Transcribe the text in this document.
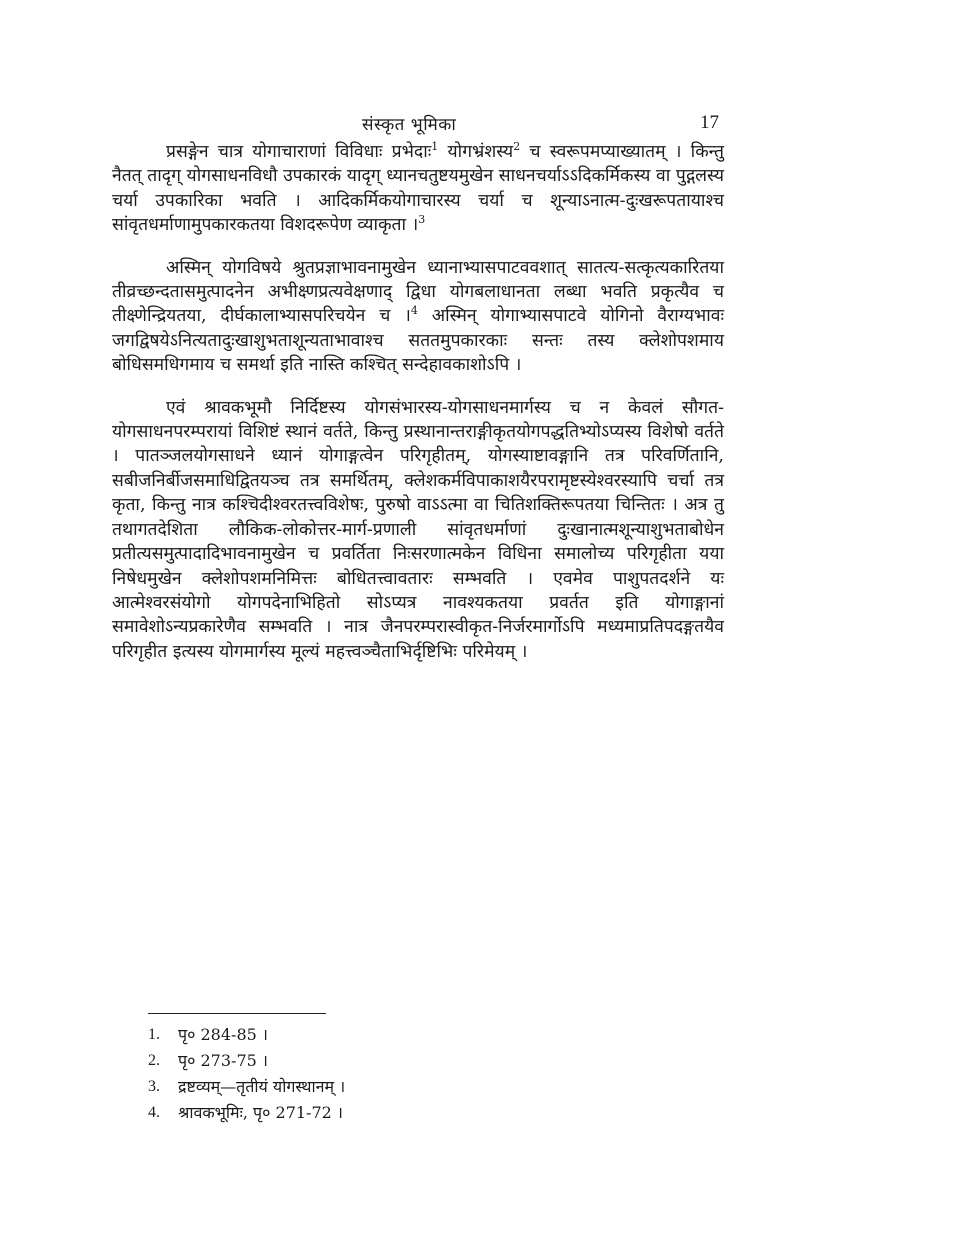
संस्कृत भूमिका	17

प्रसङ्गेन चात्र योगाचाराणां विविधाः प्रभेदाः$^1$ योगभ्रंशस्य$^2$ च स्वरूपमप्याख्यातम् । किन्तु नैतत् तादृग् योगसाधनविधौ उपकारकं यादृग् ध्यानचतुष्टयमुखेन साधनचर्याऽऽदिकर्मिकस्य वा पुद्गलस्य चर्या उपकारिका भवति । आदिकर्मिकयोगाचारस्य चर्या च शून्याऽनात्म-दुःखरूपतायाश्च सांवृतधर्माणामुपकारकतया विशदरूपेण व्याकृता ।$^3$

अस्मिन् योगविषये श्रुतप्रज्ञाभावनामुखेन ध्यानाभ्यासपाटववशात् सातत्य-सत्कृत्यकारितया तीव्रच्छन्दतासमुत्पादनेन अभीक्ष्णप्रत्यवेक्षणाद् द्विधा योगबलाधानता लब्धा भवति प्रकृत्यैव च तीक्ष्णेन्द्रियतया, दीर्घकालाभ्यासपरिचयेन च ।$^4$ अस्मिन् योगाभ्यासपाटवे योगिनो वैराग्यभावः जगद्विषयेऽनित्यतादुःखाशुभताशून्यताभावाश्च सततमुपकारकाः सन्तः तस्य क्लेशोपशमाय बोधिसमधिगमाय च समर्था इति नास्ति कश्चित् सन्देहावकाशोऽपि ।

एवं श्रावकभूमौ निर्दिष्टस्य योगसंभारस्य-योगसाधनमार्गस्य च न केवलं सौगत-योगसाधनपरम्परायां विशिष्टं स्थानं वर्तते, किन्तु प्रस्थानान्तराङ्गीकृतयोगपद्धतिभ्योऽप्यस्य विशेषो वर्तते । पातञ्जलयोगसाधने ध्यानं योगाङ्गत्वेन परिगृहीतम्, योगस्याष्टावङ्गानि तत्र परिवर्णितानि, सबीजनिर्बीजसमाधिद्वितयञ्च तत्र समर्थितम्, क्लेशकर्मविपाकाशयैरपरामृष्टस्येश्वरस्यापि चर्चा तत्र कृता, किन्तु नात्र कश्चिदीश्वरतत्त्वविशेषः, पुरुषो वाऽऽत्मा वा चितिशक्तिरूपतया चिन्तितः । अत्र तु तथागतदेशिता लौकिक-लोकोत्तर-मार्ग-प्रणाली सांवृतधर्माणां दुःखानात्मशून्याशुभताबोधेन प्रतीत्यसमुत्पादादिभावनामुखेन च प्रवर्तिता निःसरणात्मकेन विधिना समालोच्य परिगृहीता यया निषेधमुखेन क्लेशोपशमनिमित्तः बोधितत्त्वावतारः सम्भवति । एवमेव पाशुपतदर्शने यः आत्मेश्वरसंयोगो योगपदेनाभिहितो सोऽप्यत्र नावश्यकतया प्रवर्तत इति योगाङ्गानां समावेशोऽन्यप्रकारेणैव सम्भवति । नात्र जैनपरम्परास्वीकृत-निर्जरमार्गोऽपि मध्यमाप्रतिपदङ्गतयैव परिगृहीत इत्यस्य योगमार्गस्य मूल्यं महत्त्वञ्चैताभिर्दृष्टिभिः परिमेयम् ।

1.	पृ० 284-85 ।
2.	पृ० 273-75 ।
3.	द्रष्टव्यम्—तृतीयं योगस्थानम् ।
4.	श्रावकभूमिः, पृ० 271-72 ।
